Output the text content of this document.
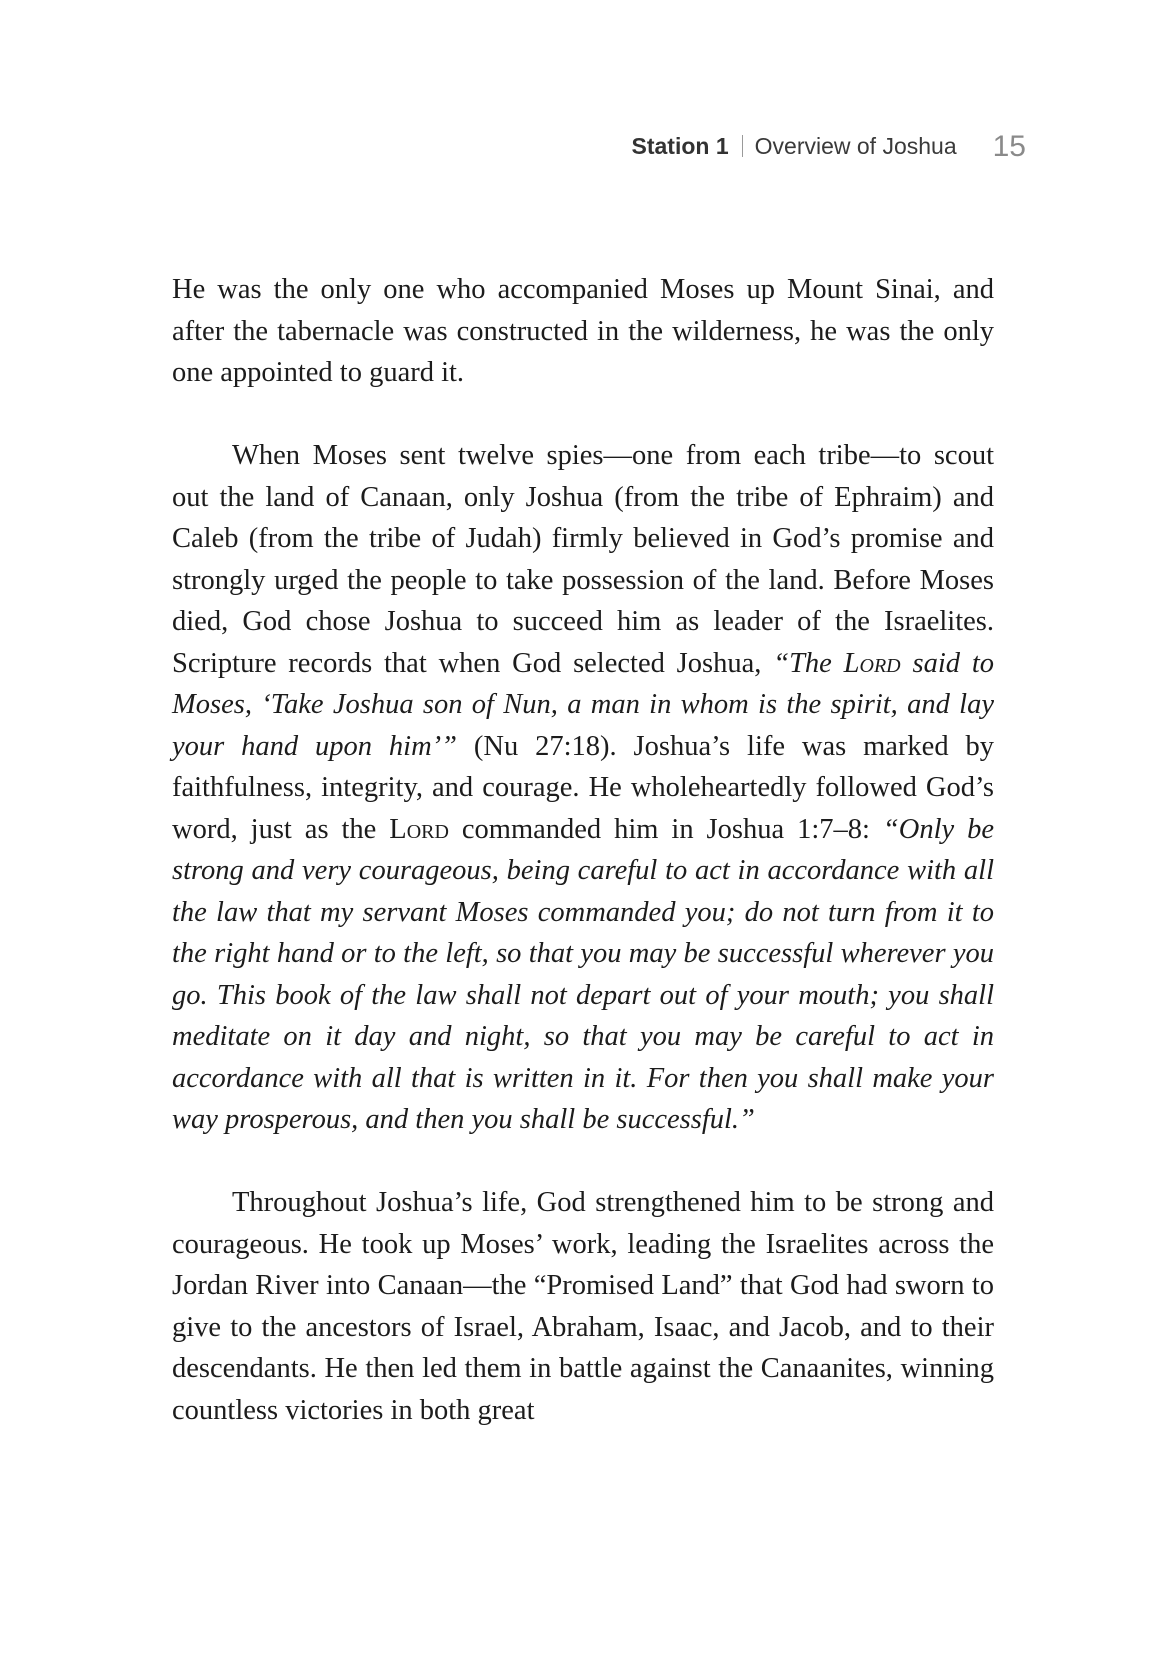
Station 1 Overview of Joshua 15

He was the only one who accompanied Moses up Mount Sinai, and after the tabernacle was constructed in the wilderness, he was the only one appointed to guard it.

When Moses sent twelve spies—one from each tribe—to scout out the land of Canaan, only Joshua (from the tribe of Ephraim) and Caleb (from the tribe of Judah) firmly believed in God’s promise and strongly urged the people to take possession of the land. Before Moses died, God chose Joshua to succeed him as leader of the Israelites. Scripture records that when God selected Joshua, “The Lord said to Moses, ‘Take Joshua son of Nun, a man in whom is the spirit, and lay your hand upon him’” (Nu 27:18). Joshua’s life was marked by faithfulness, integrity, and courage. He wholeheartedly followed God’s word, just as the Lord commanded him in Joshua 1:7–8: “Only be strong and very courageous, being careful to act in accordance with all the law that my servant Moses commanded you; do not turn from it to the right hand or to the left, so that you may be successful wherever you go. This book of the law shall not depart out of your mouth; you shall meditate on it day and night, so that you may be careful to act in accordance with all that is written in it. For then you shall make your way prosperous, and then you shall be successful.”

Throughout Joshua’s life, God strengthened him to be strong and courageous. He took up Moses’ work, leading the Israelites across the Jordan River into Canaan—the “Promised Land” that God had sworn to give to the ancestors of Israel, Abraham, Isaac, and Jacob, and to their descendants. He then led them in battle against the Canaanites, winning countless victories in both great
